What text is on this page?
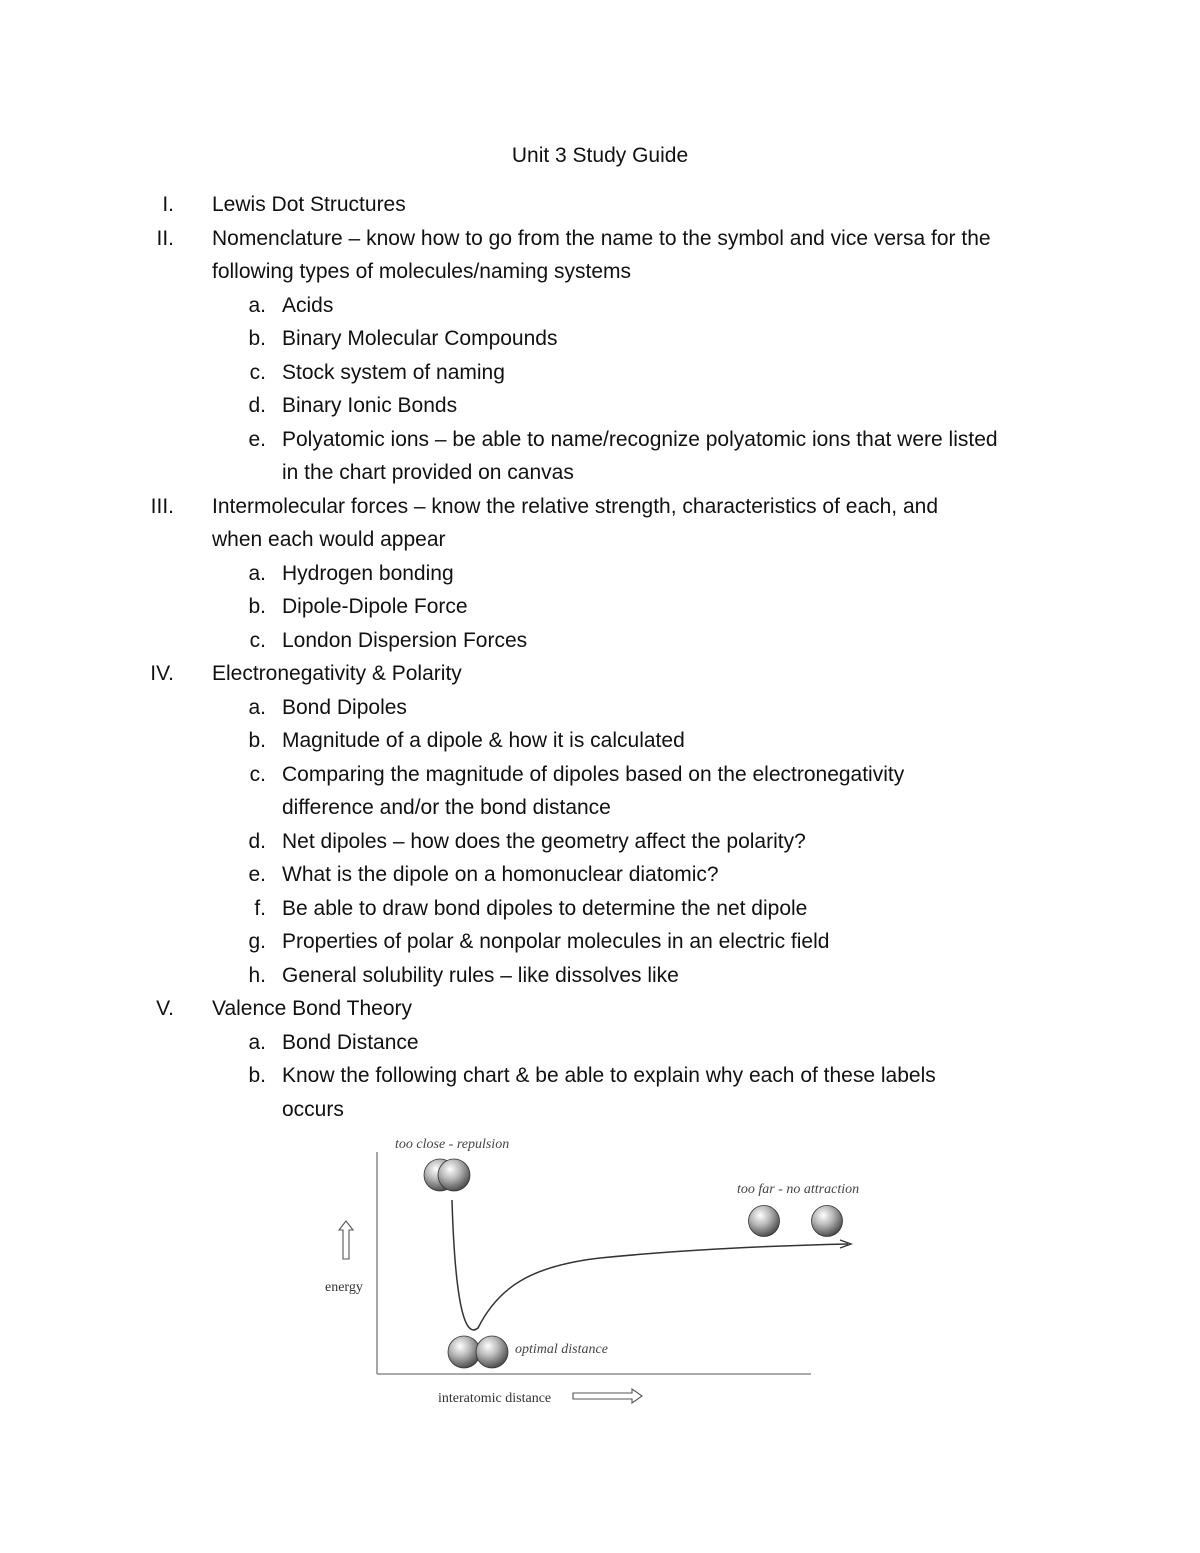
Unit 3 Study Guide
I. Lewis Dot Structures
II. Nomenclature – know how to go from the name to the symbol and vice versa for the
following types of molecules/naming systems
a. Acids
b. Binary Molecular Compounds
c. Stock system of naming
d. Binary Ionic Bonds
e. Polyatomic ions – be able to name/recognize polyatomic ions that were listed
in the chart provided on canvas
III. Intermolecular forces – know the relative strength, characteristics of each, and
when each would appear
a. Hydrogen bonding
b. Dipole-Dipole Force
c. London Dispersion Forces
IV. Electronegativity & Polarity
a. Bond Dipoles
b. Magnitude of a dipole & how it is calculated
c. Comparing the magnitude of dipoles based on the electronegativity
difference and/or the bond distance
d. Net dipoles – how does the geometry affect the polarity?
e. What is the dipole on a homonuclear diatomic?
f. Be able to draw bond dipoles to determine the net dipole
g. Properties of polar & nonpolar molecules in an electric field
h. General solubility rules – like dissolves like
V. Valence Bond Theory
a. Bond Distance
b. Know the following chart & be able to explain why each of these labels
occurs
too close - repulsion
too far - no attraction
optimal distance
energy
interatomic distance
